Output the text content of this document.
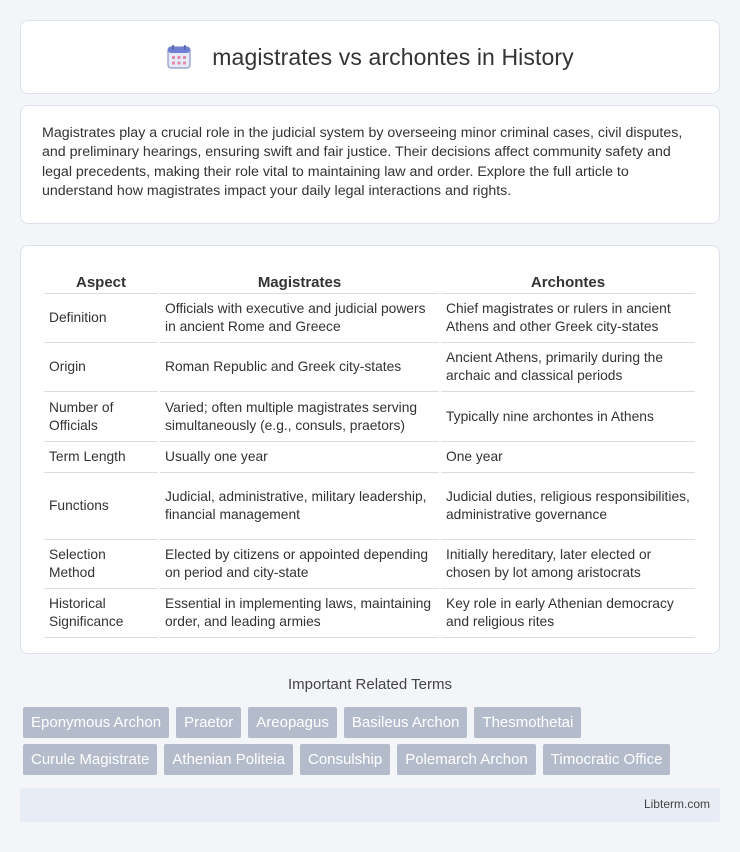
magistrates vs archontes in History

Magistrates play a crucial role in the judicial system by overseeing minor criminal cases, civil disputes, and preliminary hearings, ensuring swift and fair justice. Their decisions affect community safety and legal precedents, making their role vital to maintaining law and order. Explore the full article to understand how magistrates impact your daily legal interactions and rights.

Aspect	Magistrates	Archontes
Definition	Officials with executive and judicial powers in ancient Rome and Greece	Chief magistrates or rulers in ancient Athens and other Greek city-states
Origin	Roman Republic and Greek city-states	Ancient Athens, primarily during the archaic and classical periods
Number of Officials	Varied; often multiple magistrates serving simultaneously (e.g., consuls, praetors)	Typically nine archontes in Athens
Term Length	Usually one year	One year
Functions	Judicial, administrative, military leadership, financial management	Judicial duties, religious responsibilities, administrative governance
Selection Method	Elected by citizens or appointed depending on period and city-state	Initially hereditary, later elected or chosen by lot among aristocrats
Historical Significance	Essential in implementing laws, maintaining order, and leading armies	Key role in early Athenian democracy and religious rites
Important Related Terms
Eponymous Archon	Praetor	Areopagus	Basileus Archon	Thesmothetai
Curule Magistrate	Athenian Politeia	Consulship	Polemarch Archon	Timocratic Office
Libterm.com
